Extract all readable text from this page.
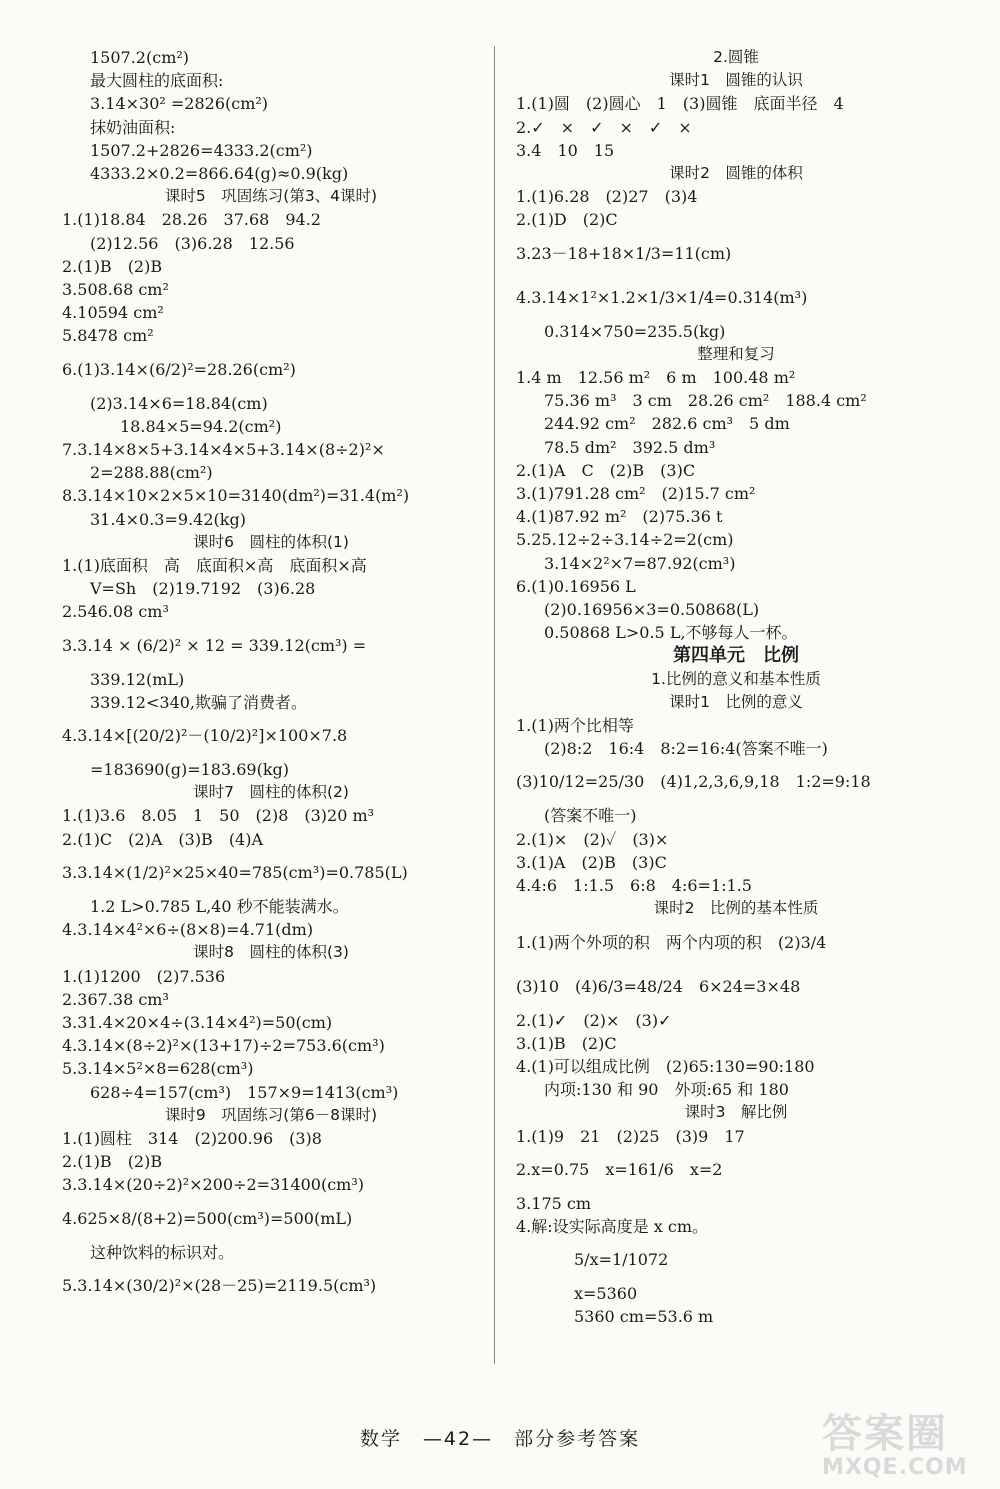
1507.2(cm²)
最大圆柱的底面积:
3.14×30² =2826(cm²)
抹奶油面积:
1507.2+2826=4333.2(cm²)
4333.2×0.2=866.64(g)≈0.9(kg)
课时5　巩固练习(第3、4课时)
1.(1)18.84　28.26　37.68　94.2
(2)12.56　(3)6.28　12.56
2.(1)B　(2)B
3.508.68 cm²
4.10594 cm²
5.8478 cm²
6.(1)3.14×(6/2)²=28.26(cm²)
(2)3.14×6=18.84(cm)
18.84×5=94.2(cm²)
7.3.14×8×5+3.14×4×5+3.14×(8÷2)²×
2=288.88(cm²)
8.3.14×10×2×5×10=3140(dm²)=31.4(m²)
31.4×0.3=9.42(kg)
课时6　圆柱的体积(1)
1.(1)底面积　高　底面积×高　底面积×高
V=Sh　(2)19.7192　(3)6.28
2.546.08 cm³
3.3.14 × (6/2)² × 12 = 339.12(cm³) =
339.12(mL)
339.12<340,欺骗了消费者。
4.3.14×[(20/2)²－(10/2)²]×100×7.8
=183690(g)=183.69(kg)
课时7　圆柱的体积(2)
1.(1)3.6　8.05　1　50　(2)8　(3)20 m³
2.(1)C　(2)A　(3)B　(4)A
3.3.14×(1/2)²×25×40=785(cm³)=0.785(L)
1.2 L>0.785 L,40 秒不能装满水。
4.3.14×4²×6÷(8×8)=4.71(dm)
课时8　圆柱的体积(3)
1.(1)1200　(2)7.536
2.367.38 cm³
3.31.4×20×4÷(3.14×4²)=50(cm)
4.3.14×(8÷2)²×(13+17)÷2=753.6(cm³)
5.3.14×5²×8=628(cm³)
628÷4=157(cm³)　157×9=1413(cm³)
课时9　巩固练习(第6－8课时)
1.(1)圆柱　314　(2)200.96　(3)8
2.(1)B　(2)B
3.3.14×(20÷2)²×200÷2=31400(cm³)
4.625×8/(8+2)=500(cm³)=500(mL)
这种饮料的标识对。
5.3.14×(30/2)²×(28－25)=2119.5(cm³)
2.圆锥
课时1　圆锥的认识
1.(1)圆　(2)圆心　1　(3)圆锥　底面半径　4
2.✓　×　✓　×　✓　×
3.4　10　15
课时2　圆锥的体积
1.(1)6.28　(2)27　(3)4
2.(1)D　(2)C
3.23－18+18×1/3=11(cm)
4.3.14×1²×1.2×1/3×1/4=0.314(m³)
0.314×750=235.5(kg)
整理和复习
1.4 m　12.56 m²　6 m　100.48 m²
75.36 m³　3 cm　28.26 cm²　188.4 cm²
244.92 cm²　282.6 cm³　5 dm
78.5 dm²　392.5 dm³
2.(1)A　C　(2)B　(3)C
3.(1)791.28 cm²　(2)15.7 cm²
4.(1)87.92 m²　(2)75.36 t
5.25.12÷2÷3.14÷2=2(cm)
3.14×2²×7=87.92(cm³)
6.(1)0.16956 L
(2)0.16956×3=0.50868(L)
0.50868 L>0.5 L,不够每人一杯。
第四单元　比例
1.比例的意义和基本性质
课时1　比例的意义
1.(1)两个比相等
(2)8:2　16:4　8:2=16:4(答案不唯一)
(3)10/12=25/30　(4)1,2,3,6,9,18　1:2=9:18
(答案不唯一)
2.(1)×　(2)✓　(3)×
3.(1)A　(2)B　(3)C
4.4:6　1:1.5　6:8　4:6=1:1.5
课时2　比例的基本性质
1.(1)两个外项的积　两个内项的积　(2)3/4
(3)10　(4)6/3=48/24　6×24=3×48
2.(1)✓　(2)×　(3)✓
3.(1)B　(2)C
4.(1)可以组成比例　(2)65:130=90:180
内项:130 和 90　外项:65 和 180
课时3　解比例
1.(1)9　21　(2)25　(3)9　17
2.x=0.75　x=161/6　x=2
3.175 cm
4.解:设实际高度是 x cm。
5/x=1/1072
x=5360
5360 cm=53.6 m
数学　—42—　部分参考答案	答案圈
MXQE.COM
